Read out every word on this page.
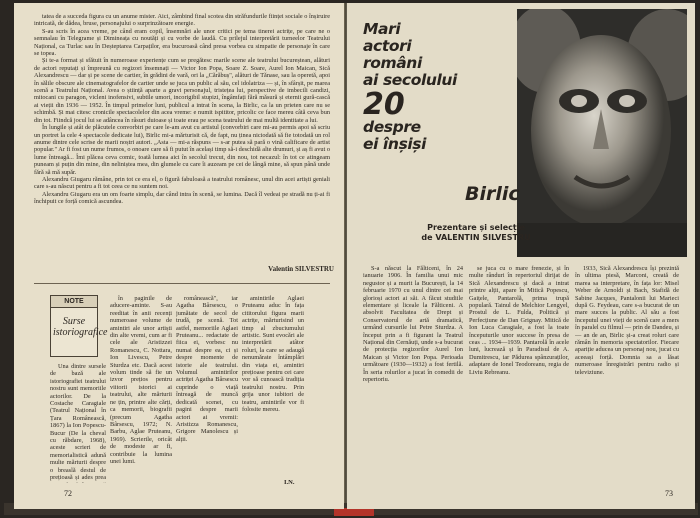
tatea de a succeda figura cu un anume mister. Aici, zâmbind final scotea din străfundurile ființei sociale o înșiruire intricată, de dădea, bruse, personajului o surprinzătoare energie.

S-au scris în acea vreme, pe când eram copil, însemnări ale unor critici pe tema tinerei actrițe, pe care ne o semnalau în Telegrame și Dimineața cu noutăți și cu vorbe de laudă. Cu prilejul interpretării turneelor Teatrului Național, ca Turlac sau în Deșteptarea Carpaților, era bucuroasă când presa vorbea cu simpatie de personaje în care se topea.

Și te-a format și sfătuit în numeroase experiențe cum se pregătesc marile scene ale teatrului bucureștean, alături de actori reputați și împreună cu regizori însemnați — Victor Ion Popa, Soare Z. Soare, Aurel Ion Maican, Sică Alexandrescu — dar și pe scene de cartier, în grădini de vară, ori la „Cărăbuș", alături de Tănase, sau la operetă, apoi în sălile obscure ale cinematografelor de cartier unde se juca un public al său, cel idolatriza — și, în sfârșit, pe marea scenă a Teatrului Național. Avea o știință aparte a gravi personajul, tristețea lui, perspective de imbecili candizi, mitocani cu paragon, vicleni inofensivi, subtile umori, incorigibil stupizi, îngâmfați fără măsură și eternii gură-cască ai vieții din 1936 — 1952. În timpul primelor luni, publicul a intrat în scena, la Birlic, ca la un prieten care nu se schimbă. Și mai citesc cronicile spectacolelor din acea vreme: e numit ispititor, pricolic ce face mereu câtă ceva bun din tot. Fiindcă jocul lui se adâncea în râsuri duioase și toate erau pe scena teatrului de mai multă identitate a lui.

În lungile și atât de plăcutele convorbiri pe care le-am avut cu artistul (convorbiri care mi-au permis apoi să scriu un portret la cele 4 spectacole dedicate lui), Birlic mi-a mărturisit că, de fapt, nu ținea niciodată să fie totodată un rol anume dintre cele scrise de marii noștri autori. „Asta — mi-a răspuns — s-ar putea să pară o vină calificare de artist popular." Ar fi fost un nume frumos, o onoare care să fi putut în același timp să-i deschidă alte drumuri, și aș fi avut o lume întreagă... Îmi plăcea ceva comic, toată lumea aici în secolul trecut, din nou, tot necazul: în tot ce atingeam puneam și puțin din mine, din neliniștea mea, din glumele cu care îi auzeam pe cei de lângă mine, să spun până unde fără să mă supăr.

Alexandru Giugaru rămâne, prin tot ce era el, o figură fabuloasă a teatrului românesc, unul din acei artiști geniali care s-au născut pentru a fi tot ceea ce nu suntem noi.

Alexandru Giugaru era un om foarte simplu, dar când intra în scenă, se lumina. Dacă îl vedeai pe stradă nu ți-ai fi închipuit ce forță comică ascundea.

Valentin SILVESTRU
NOTE
Surse istoriografice

Una dintre sursele de bază ale istoriografiei teatrului nostru sunt memoriile actorilor. De la Costache Caragiale (Teatrul Național în Țara Românească, 1867) la Ion Popescu-Bucur (De la cheval cu răbdare, 1968), aceste scrieri de memorialistică adună multe mărturii despre o breaslă destul de prețioasă și ades prea

în paginile de aducere-aminte. S-au reeditat în anii recenți numeroase volume de amintiri ale unor artiști din alte vremi, cum ar fi cele ale Aristizzei Romanescu, C. Nottara, Ion Livescu, Petre Sturdza etc. Dacă acest volum tinde să fie un izvor prețios pentru viitorii istorici ai teatrului, alte mărturii ne țin, printre alte cărți, ca memorii, biografii (precum Agatha Bârsescu, 1972; N. Barbu, Aglae Pruteanu, 1969). Scrierile, oricât de modeste ar fi, contribuie la lumina unei lumi.

românească", iar Agatha Bârsescu, o jumătate de secol de trudă, pe scenă. Tot astfel, memoriile Aglaei Pruteanu... redactate de fiica ei, vorbesc nu numai despre ea, ci și despre momente de istorie ale teatrului. Volumul amintirilor actriței Agatha Bârsescu cuprinde o viață întreagă de muncă dedicată scenei, cu pagini despre marii actori ai vremii: Aristizza Romanescu, Grigore Manolescu și alții.

amintirile Aglaei Pruteanu aduc în fața cititorului figura marii actrițe, mărturisind un timp al zbuciumului artistic. Sunt evocări ale interpretării atâtor roluri, la care se adaugă nenumărate întâmplări din viața ei, amintiri prețioase pentru cei care vor să cunoască tradiția teatrului nostru. Prin grija unor iubitori de teatru, amintirile vor fi folosite mereu.

I.N.
72
Mari
actori
români
ai secolului
20
despre
ei înșiși
Birlic
Prezentare și selecție
de VALENTIN SILVESTRU

S-a născut la Fălticeni, în 24 ianuarie 1906. În familia unui mic negustor și a murit la București, la 14 februarie 1970 cu unul dintre cei mai glorioși actori ai săi. A făcut studiile elementare și liceale la Fălticeni. A absolvit Facultatea de Drept și Conservatorul de artă dramatică, urmând cursurile lui Petre Sturdza. A început prin a fi figurant la Teatrul Național din Cernăuți, unde s-a bucurat de protecția regizorilor Aurel Ion Maican și Victor Ion Popa. Perioada următoare (1930—1932) a fost fertilă. În seria rolurilor a jucat în comedii de repertoriu.

se juca cu o mare frenezie, și în multe rânduri în repertoriul dirijat de Sică Alexandrescu și dacă a intrat printre alții, apare în Mitică Popescu, Gaițele, Pantarolă, prima trupă populară. Tainul de Melchior Lengyel, Prostul de L. Fulda, Politică și Perfecțiune de Dan Grignay. Mitică de Ion Luca Caragiale, a fost la toate începuturile unor succese în presa de ceas ... 1934—1939. Pantarolă în acele luni, lucrează și în Paradisul de A. Dumitrescu, iar Pădurea spânzuraților, adaptare de Ionel Teodoreanu, regia de Liviu Rebreanu.

1933, Sică Alexandrescu își prezintă în ultima piesă, Marconi, creată de marea sa interpretare, în fața lor: Misel Weber de Arnoldi și Bach, Stafidă de Sabine Jacques, Pantalonii lui Marieci după G. Feydeau, care s-a bucurat de un mare succes la public. Al său a fost începutul unei vieți de scenă care a mers în paralel cu filmul — prin de Dandeu, și — an de an, Birlic și-a creat roluri care rămân în memoria spectatorilor. Fiecare apariție aducea un personaj nou, jucat cu aceeași forță. Domnia sa a lăsat numeroase înregistrări pentru radio și televiziune.

73
